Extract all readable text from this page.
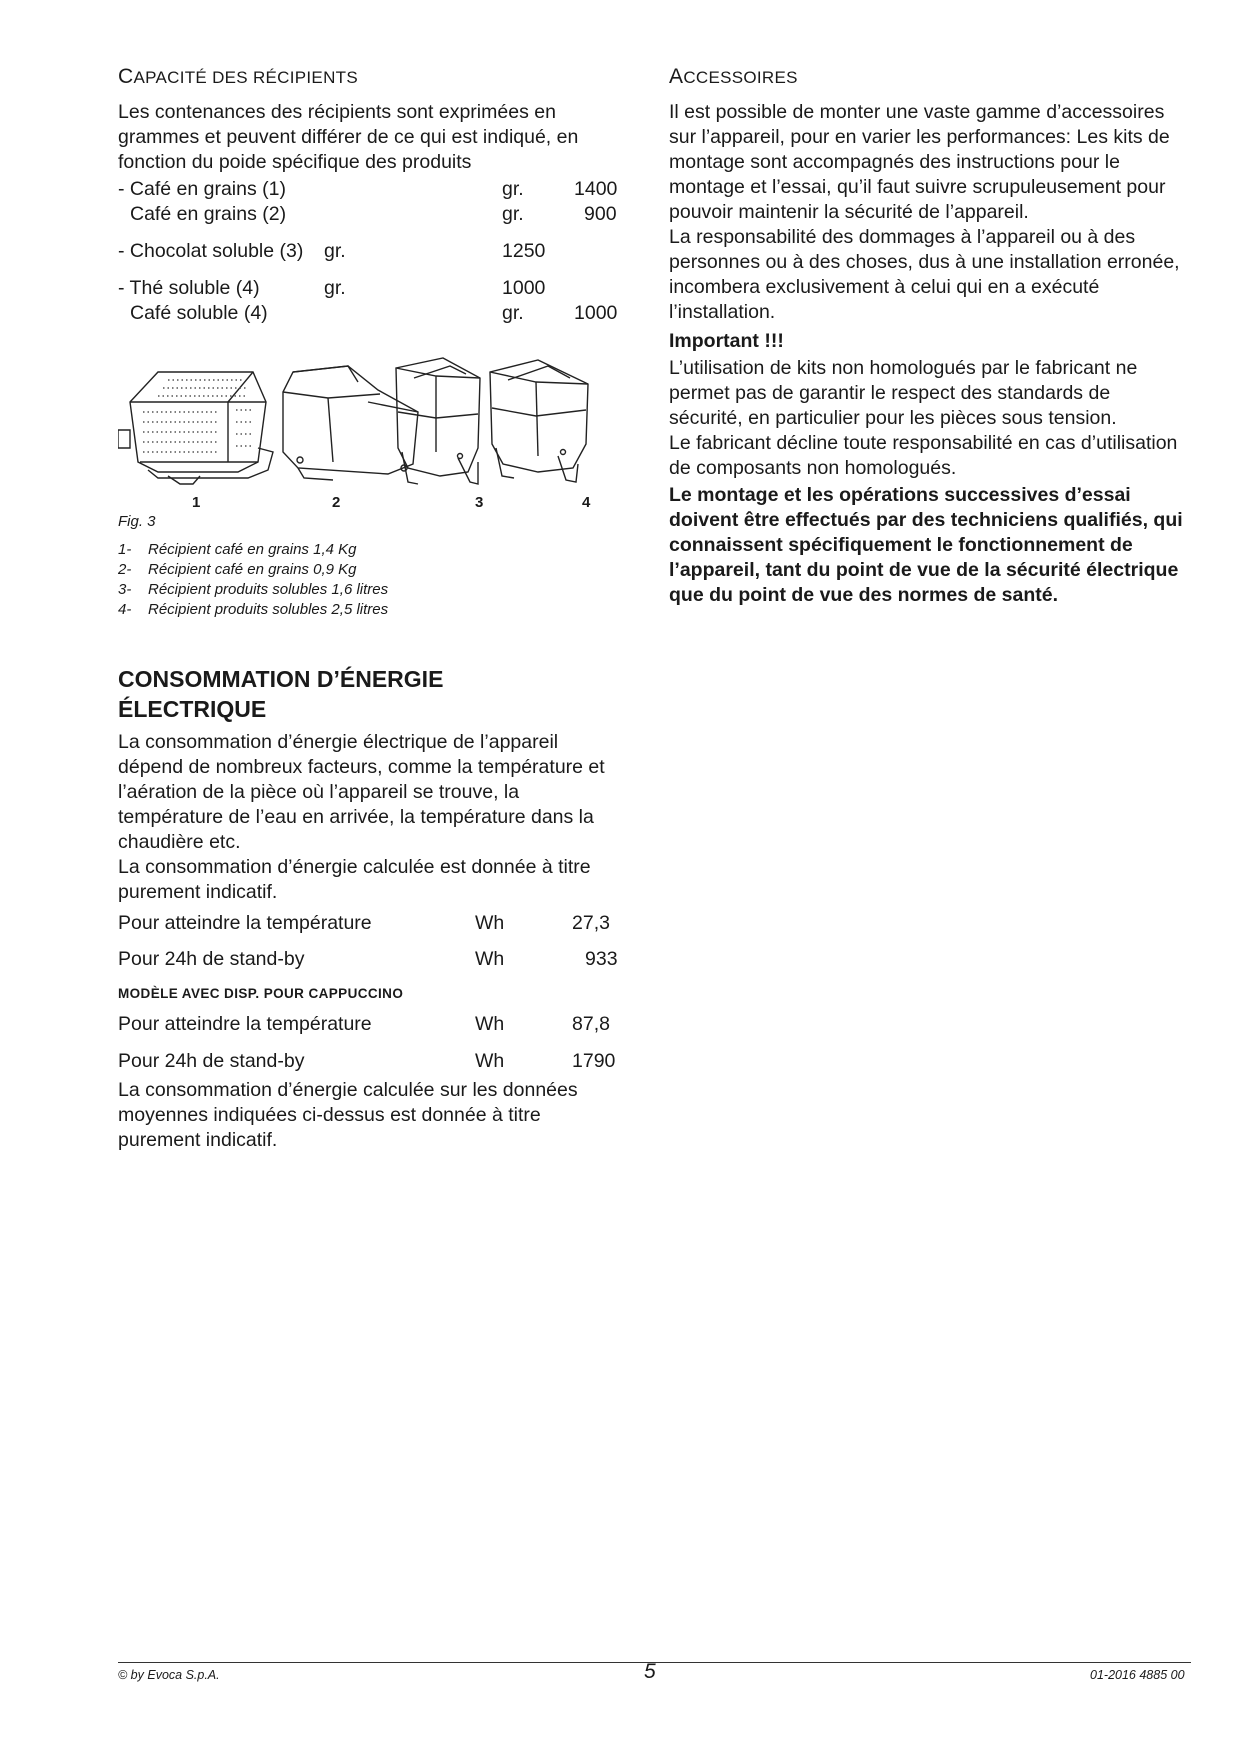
CAPACITÉ DES RÉCIPIENTS

Les contenances des récipients sont exprimées en grammes et peuvent différer de ce qui est indiqué, en fonction du poide spécifique des produits

- Café en grains (1)	gr.	1400
Café en grains (2)	gr.	900
- Chocolat soluble (3) gr.	1250
- Thé soluble (4)	gr.	1000
Café soluble (4)	gr.	1000
1	2	3	4
Fig. 3
1- Récipient café en grains 1,4 Kg
2- Récipient café en grains 0,9 Kg
3- Récipient produits solubles 1,6 litres
4- Récipient produits solubles 2,5 litres
CONSOMMATION D’ÉNERGIE ÉLECTRIQUE

La consommation d’énergie électrique de l’appareil dépend de nombreux facteurs, comme la température et l’aération de la pièce où l’appareil se trouve, la température de l’eau en arrivée, la température dans la chaudière etc.

La consommation d’énergie calculée est donnée à titre purement indicatif.

Pour atteindre la température	Wh	27,3
Pour 24h de stand-by	Wh	933
MODÈLE AVEC DISP. POUR CAPPUCCINO
Pour atteindre la température	Wh	87,8
Pour 24h de stand-by	Wh	1790

La consommation d’énergie calculée sur les données moyennes indiquées ci-dessus est donnée à titre purement indicatif.

ACCESSOIRES

Il est possible de monter une vaste gamme d’accessoires sur l’appareil, pour en varier les performances: Les kits de montage sont accompagnés des instructions pour le montage et l’essai, qu’il faut suivre scrupuleusement pour pouvoir maintenir la sécurité de l’appareil.

La responsabilité des dommages à l’appareil ou à des personnes ou à des choses, dus à une installation erronée, incombera exclusivement à celui qui en a exécuté l’installation.

Important !!!

L’utilisation de kits non homologués par le fabricant ne permet pas de garantir le respect des standards de sécurité, en particulier pour les pièces sous tension.

Le fabricant décline toute responsabilité en cas d’utilisation de composants non homologués.

Le montage et les opérations successives d’essai doivent être effectués par des techniciens qualifiés, qui connaissent spécifiquement le fonctionnement de l’appareil, tant du point de vue de la sécurité électrique que du point de vue des normes de santé.

© by Evoca S.p.A.	5	01-2016 4885 00
